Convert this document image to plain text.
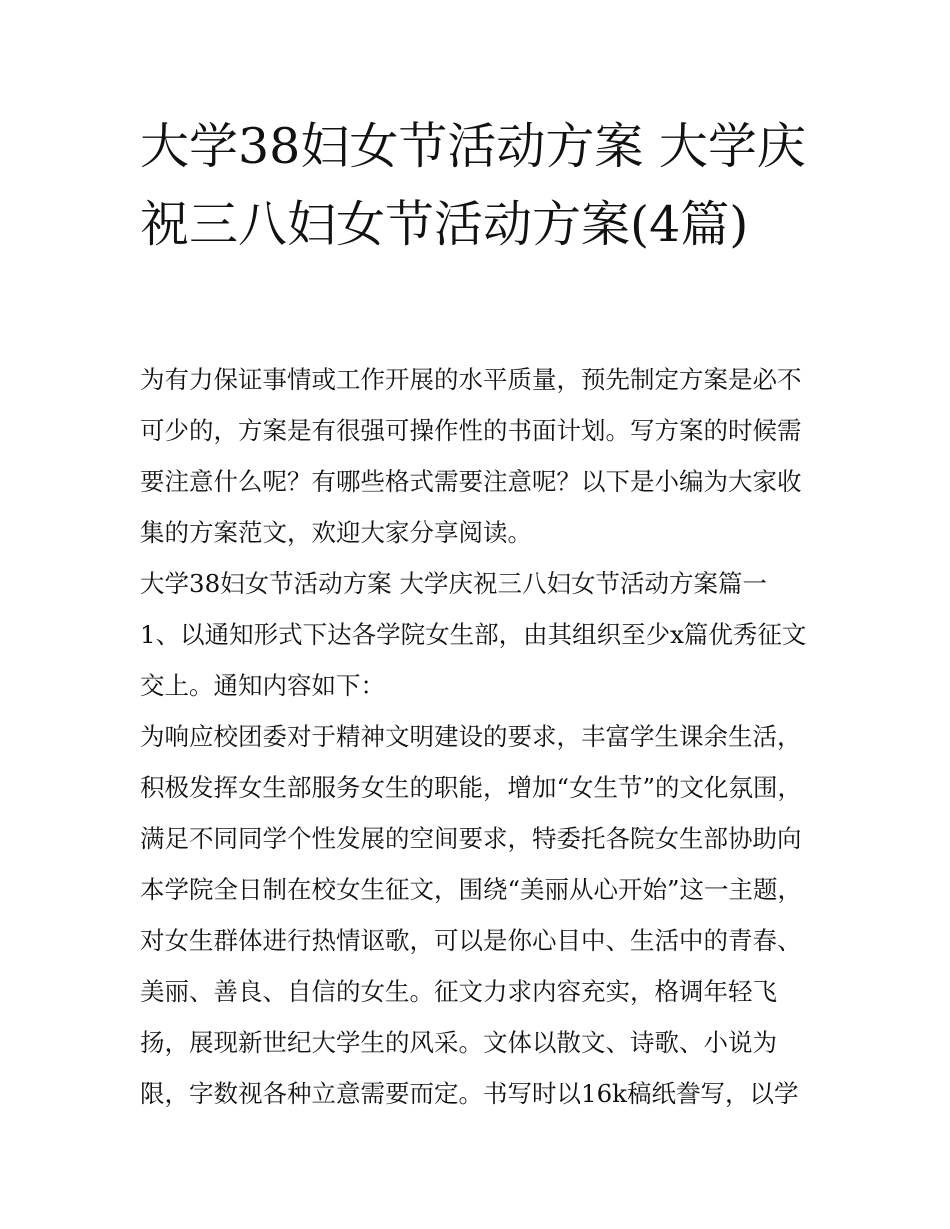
大学38妇女节活动方案 大学庆祝三八妇女节活动方案(4篇)

为有力保证事情或工作开展的水平质量，预先制定方案是必不可少的，方案是有很强可操作性的书面计划。写方案的时候需要注意什么呢？有哪些格式需要注意呢？以下是小编为大家收集的方案范文，欢迎大家分享阅读。

大学38妇女节活动方案 大学庆祝三八妇女节活动方案篇一

1、以通知形式下达各学院女生部，由其组织至少x篇优秀征文交上。通知内容如下：

为响应校团委对于精神文明建设的要求，丰富学生课余生活，积极发挥女生部服务女生的职能，增加“女生节”的文化氛围，满足不同同学个性发展的空间要求，特委托各院女生部协助向本学院全日制在校女生征文，围绕“美丽从心开始”这一主题，对女生群体进行热情讴歌，可以是你心目中、生活中的青春、美丽、善良、自信的女生。征文力求内容充实，格调年轻飞扬，展现新世纪大学生的风采。文体以散文、诗歌、小说为限，字数视各种立意需要而定。书写时以16k稿纸誊写，以学
